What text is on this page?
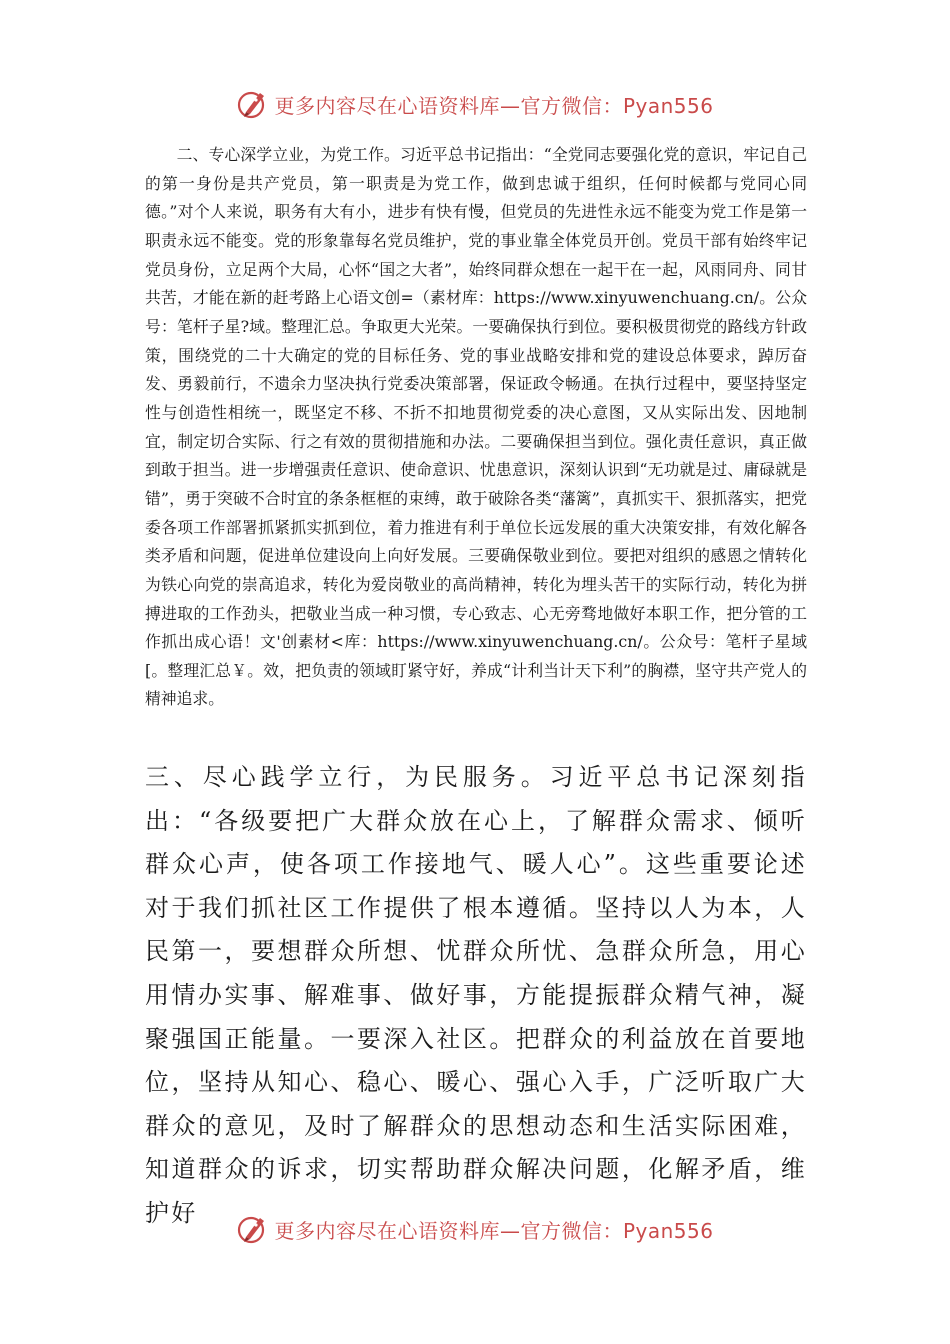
更多内容尽在心语资料库—官方微信：Pyan556

二、专心深学立业，为党工作。习近平总书记指出：“全党同志要强化党的意识，牢记自己的第一身份是共产党员，第一职责是为党工作，做到忠诚于组织，任何时候都与党同心同德。”对个人来说，职务有大有小，进步有快有慢，但党员的先进性永远不能变为党工作是第一职责永远不能变。党的形象靠每名党员维护，党的事业靠全体党员开创。党员干部有始终牢记党员身份，立足两个大局，心怀“国之大者”，始终同群众想在一起干在一起，风雨同舟、同甘共苦，才能在新的赶考路上心语文创=（素材库：https://www.xinyuwenchuang.cn/。公众号：笔杆子星?域。整理汇总。争取更大光荣。一要确保执行到位。要积极贯彻党的路线方针政策，围绕党的二十大确定的党的目标任务、党的事业战略安排和党的建设总体要求，踔厉奋发、勇毅前行，不遗余力坚决执行党委决策部署，保证政令畅通。在执行过程中，要坚持坚定性与创造性相统一，既坚定不移、不折不扣地贯彻党委的决心意图，又从实际出发、因地制宜，制定切合实际、行之有效的贯彻措施和办法。二要确保担当到位。强化责任意识，真正做到敢于担当。进一步增强责任意识、使命意识、忧患意识，深刻认识到“无功就是过、庸碌就是错”，勇于突破不合时宜的条条框框的束缚，敢于破除各类“藩篱”，真抓实干、狠抓落实，把党委各项工作部署抓紧抓实抓到位，着力推进有利于单位长远发展的重大决策安排，有效化解各类矛盾和问题，促进单位建设向上向好发展。三要确保敬业到位。要把对组织的感恩之情转化为铁心向党的崇高追求，转化为爱岗敬业的高尚精神，转化为埋头苦干的实际行动，转化为拼搏进取的工作劲头，把敬业当成一种习惯，专心致志、心无旁骛地做好本职工作，把分管的工作抓出成心语！文'创素材<库：https://www.xinyuwenchuang.cn/。公众号：笔杆子星域[。整理汇总￥。效，把负责的领域盯紧守好，养成“计利当计天下利”的胸襟，坚守共产党人的精神追求。

三、尽心践学立行，为民服务。习近平总书记深刻指出：“各级要把广大群众放在心上，了解群众需求、倾听群众心声，使各项工作接地气、暖人心”。这些重要论述对于我们抓社区工作提供了根本遵循。坚持以人为本，人民第一，要想群众所想、忧群众所忧、急群众所急，用心用情办实事、解难事、做好事，方能提振群众精气神，凝聚强国正能量。一要深入社区。把群众的利益放在首要地位，坚持从知心、稳心、暖心、强心入手，广泛听取广大群众的意见，及时了解群众的思想动态和生活实际困难，知道群众的诉求，切实帮助群众解决问题，化解矛盾，维护好

更多内容尽在心语资料库—官方微信：Pyan556
